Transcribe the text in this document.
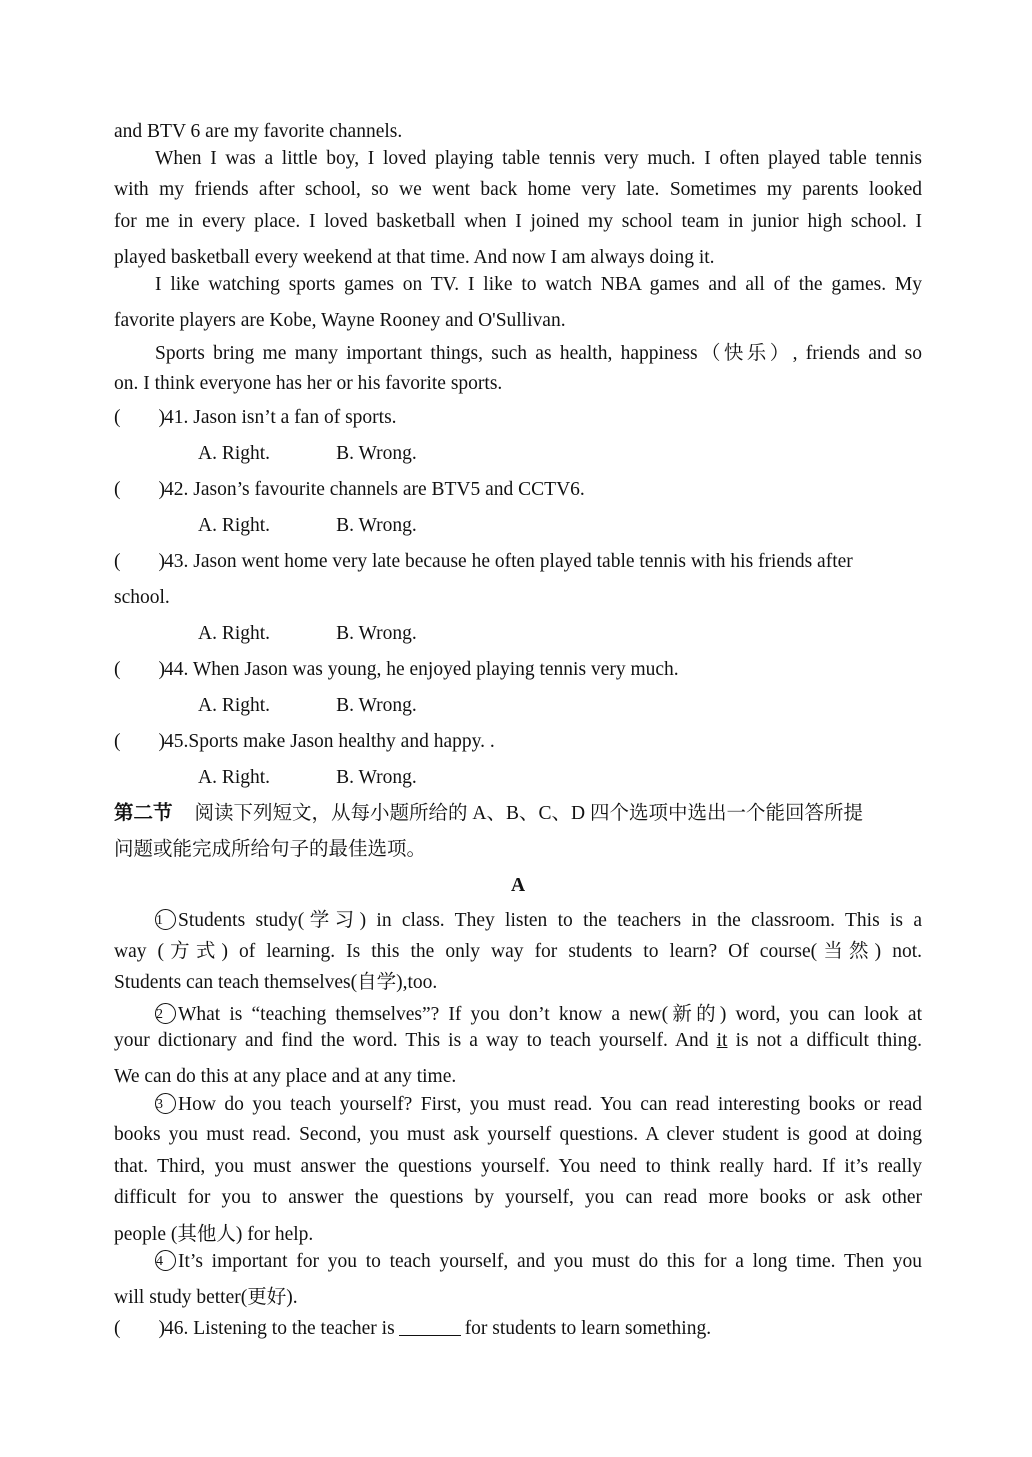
and BTV 6 are my favorite channels.
When I was a little boy, I loved playing table tennis very much. I often played table tennis
with my friends after school, so we went back home very late. Sometimes my parents looked
for me in every place. I loved basketball when I joined my school team in junior high school. I
played basketball every weekend at that time. And now I am always doing it.
I like watching sports games on TV. I like to watch NBA games and all of the games. My
favorite players are Kobe, Wayne Rooney and O'Sullivan.
Sports bring me many important things, such as health, happiness（快乐）, friends and so
on. I think everyone has her or his favorite sports.
( )41. Jason isn’t a fan of sports.
A. Right.	B. Wrong.
( )42. Jason’s favourite channels are BTV5 and CCTV6.
A. Right.	B. Wrong.
( )43. Jason went home very late because he often played table tennis with his friends after
school.
A. Right.	B. Wrong.
( )44. When Jason was young, he enjoyed playing tennis very much.
A. Right.	B. Wrong.
( )45.Sports make Jason healthy and happy. .
A. Right.	B. Wrong.
第二节 阅读下列短文，从每小题所给的 A、B、C、D 四个选项中选出一个能回答所提
问题或能完成所给句子的最佳选项。
A
1 Students study(学习) in class. They listen to the teachers in the classroom. This is a
way (方式) of learning. Is this the only way for students to learn? Of course(当然) not.
Students can teach themselves(自学),too.
2 What is “teaching themselves”? If you don’t know a new(新的) word, you can look at
your dictionary and find the word. This is a way to teach yourself. And it is not a difficult thing.
We can do this at any place and at any time.
3 How do you teach yourself? First, you must read. You can read interesting books or read
books you must read. Second, you must ask yourself questions. A clever student is good at doing
that. Third, you must answer the questions yourself. You need to think really hard. If it’s really
difficult for you to answer the questions by yourself, you can read more books or ask other
people (其他人) for help.
4 It’s important for you to teach yourself, and you must do this for a long time. Then you
will study better(更好).
( )46. Listening to the teacher is	for students to learn something.
